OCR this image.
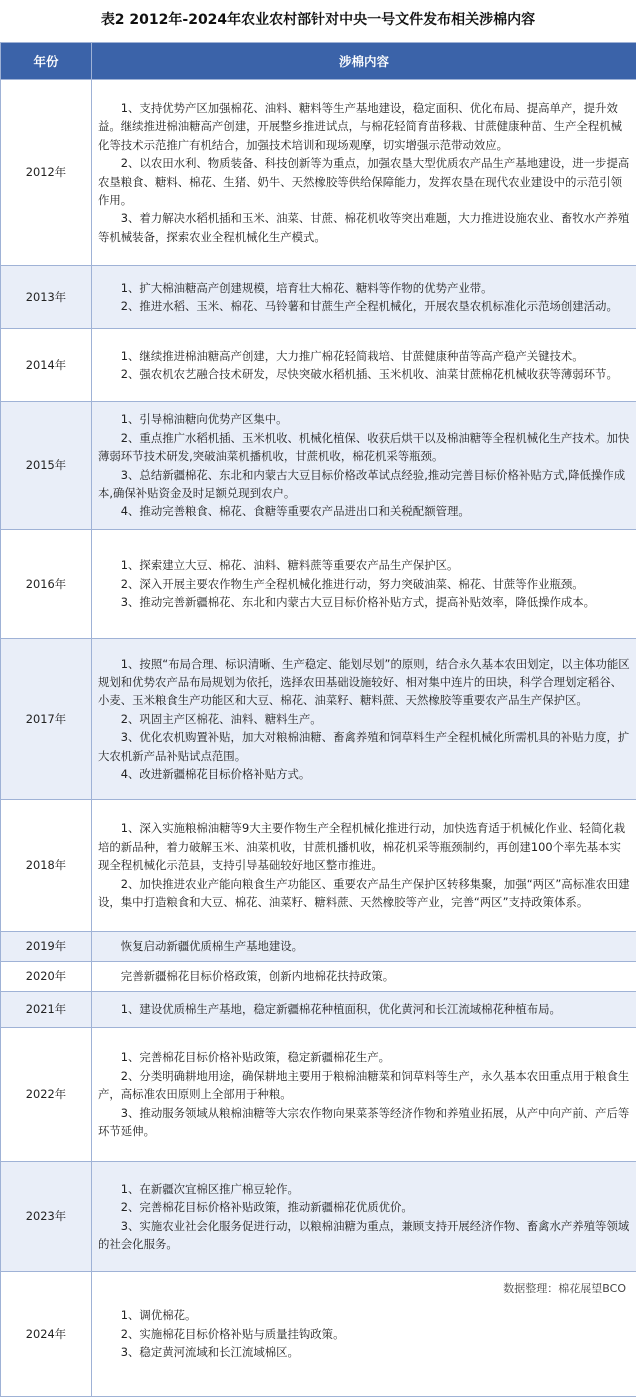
表2 2012年-2024年农业农村部针对中央一号文件发布相关涉棉内容
年份	涉棉内容
2012年	1、支持优势产区加强棉花、油料、糖料等生产基地建设，稳定面积、优化布局、提高单产，提升效益。继续推进棉油糖高产创建，开展整乡推进试点，与棉花轻简育苗移栽、甘蔗健康种苗、生产全程机械化等技术示范推广有机结合，加强技术培训和现场观摩，切实增强示范带动效应。
2、以农田水利、物质装备、科技创新等为重点，加强农垦大型优质农产品生产基地建设，进一步提高农垦粮食、糖料、棉花、生猪、奶牛、天然橡胶等供给保障能力，发挥农垦在现代农业建设中的示范引领作用。
3、着力解决水稻机插和玉米、油菜、甘蔗、棉花机收等突出难题，大力推进设施农业、畜牧水产养殖等机械装备，探索农业全程机械化生产模式。

2013年	1、扩大棉油糖高产创建规模，培育壮大棉花、糖料等作物的优势产业带。
2、推进水稻、玉米、棉花、马铃薯和甘蔗生产全程机械化，开展农垦农机标准化示范场创建活动。

2014年	1、继续推进棉油糖高产创建，大力推广棉花轻简栽培、甘蔗健康种苗等高产稳产关键技术。
2、强农机农艺融合技术研发，尽快突破水稻机插、玉米机收、油菜甘蔗棉花机械收获等薄弱环节。

2015年	1、引导棉油糖向优势产区集中。
2、重点推广水稻机插、玉米机收、机械化植保、收获后烘干以及棉油糖等全程机械化生产技术。加快薄弱环节技术研发,突破油菜机播机收，甘蔗机收，棉花机采等瓶颈。
3、总结新疆棉花、东北和内蒙古大豆目标价格改革试点经验,推动完善目标价格补贴方式,降低操作成本,确保补贴资金及时足额兑现到农户。
4、推动完善粮食、棉花、食糖等重要农产品进出口和关税配额管理。

2016年	1、探索建立大豆、棉花、油料、糖料蔗等重要农产品生产保护区。
2、深入开展主要农作物生产全程机械化推进行动，努力突破油菜、棉花、甘蔗等作业瓶颈。
3、推动完善新疆棉花、东北和内蒙古大豆目标价格补贴方式，提高补贴效率，降低操作成本。

2017年	1、按照“布局合理、标识清晰、生产稳定、能划尽划”的原则，结合永久基本农田划定，以主体功能区规划和优势农产品布局规划为依托，选择农田基础设施较好、相对集中连片的田块，科学合理划定稻谷、小麦、玉米粮食生产功能区和大豆、棉花、油菜籽、糖料蔗、天然橡胶等重要农产品生产保护区。
2、巩固主产区棉花、油料、糖料生产。
3、优化农机购置补贴，加大对粮棉油糖、畜禽养殖和饲草料生产全程机械化所需机具的补贴力度，扩大农机新产品补贴试点范围。
4、改进新疆棉花目标价格补贴方式。

2018年	1、深入实施粮棉油糖等9大主要作物生产全程机械化推进行动，加快选育适于机械化作业、轻简化栽培的新品种，着力破解玉米、油菜机收，甘蔗机播机收，棉花机采等瓶颈制约，再创建100个率先基本实现全程机械化示范县，支持引导基础较好地区整市推进。
2、加快推进农业产能向粮食生产功能区、重要农产品生产保护区转移集聚，加强“两区”高标准农田建设，集中打造粮食和大豆、棉花、油菜籽、糖料蔗、天然橡胶等产业，完善“两区”支持政策体系。

2019年	恢复启动新疆优质棉生产基地建设。

2020年	完善新疆棉花目标价格政策，创新内地棉花扶持政策。

2021年	1、建设优质棉生产基地，稳定新疆棉花种植面积，优化黄河和长江流域棉花种植布局。

2022年	1、完善棉花目标价格补贴政策，稳定新疆棉花生产。
2、分类明确耕地用途，确保耕地主要用于粮棉油糖菜和饲草料等生产，永久基本农田重点用于粮食生产，高标准农田原则上全部用于种粮。
3、推动服务领域从粮棉油糖等大宗农作物向果菜茶等经济作物和养殖业拓展，从产中向产前、产后等环节延伸。

2023年	1、在新疆次宜棉区推广棉豆轮作。
2、完善棉花目标价格补贴政策，推动新疆棉花优质优价。
3、实施农业社会化服务促进行动，以粮棉油糖为重点，兼顾支持开展经济作物、畜禽水产养殖等领域的社会化服务。

2024年	1、调优棉花。
2、实施棉花目标价格补贴与质量挂钩政策。
3、稳定黄河流域和长江流域棉区。
数据整理：棉花展望BCO
